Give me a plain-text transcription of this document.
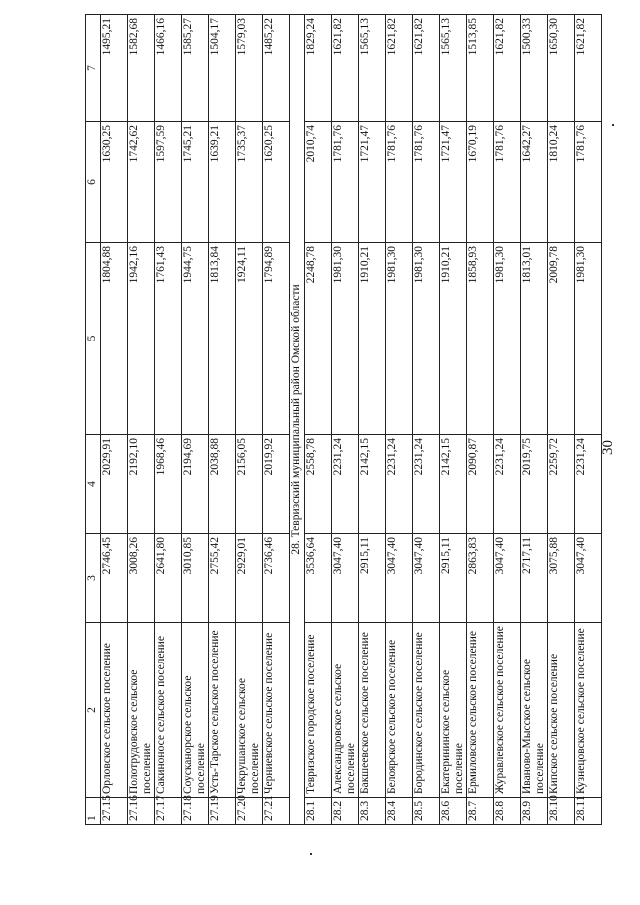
30
1	2	3	4	5	6	7
27.15	Орловское сельское поселение	2746,45	2029,91	1804,88	1630,25	1495,21
27.16	Полотрудовское сельское поселение	3008,26	2192,10	1942,16	1742,62	1582,68
27.17	Сакиноносе сельское поселение	2641,80	1968,46	1761,43	1597,59	1466,16
27.18	Соусканорское сельское поселение	3010,85	2194,69	1944,75	1745,21	1585,27
27.19	Усть-Тарское сельское поселение	2755,42	2038,88	1813,84	1639,21	1504,17
27.20	Чекрушанское сельское поселение	2929,01	2156,05	1924,11	1735,37	1579,03
27.21	Черниевское сельское поселение	2736,46	2019,92	1794,89	1620,25	1485,22
28. Тевризский муниципальный район Омской области						
28.1	Тевризское городское поселение	3536,64	2558,78	2248,78	2010,74	1829,24
28.2	Александровское сельское поселение	3047,40	2231,24	1981,30	1781,76	1621,82
28.3	Бакшеевское сельское поселение	2915,11	2142,15	1910,21	1721,47	1565,13
28.4	Белоярское сельское поселение	3047,40	2231,24	1981,30	1781,76	1621,82
28.5	Бородинское сельское поселение	3047,40	2231,24	1981,30	1781,76	1621,82
28.6	Екатерининское сельское поселение	2915,11	2142,15	1910,21	1721,47	1565,13
28.7	Ермиловское сельское поселение	2863,83	2090,87	1858,93	1670,19	1513,85
28.8	Журавлевское сельское поселение	3047,40	2231,24	1981,30	1781,76	1621,82
28.9	Иваново-Мысское сельское поселение	2717,11	2019,75	1813,01	1642,27	1500,33
28.10	Кипское сельское поселение	3075,88	2259,72	2009,78	1810,24	1650,30
28.11	Кузнецовское сельское поселение	3047,40	2231,24	1981,30	1781,76	1621,82
